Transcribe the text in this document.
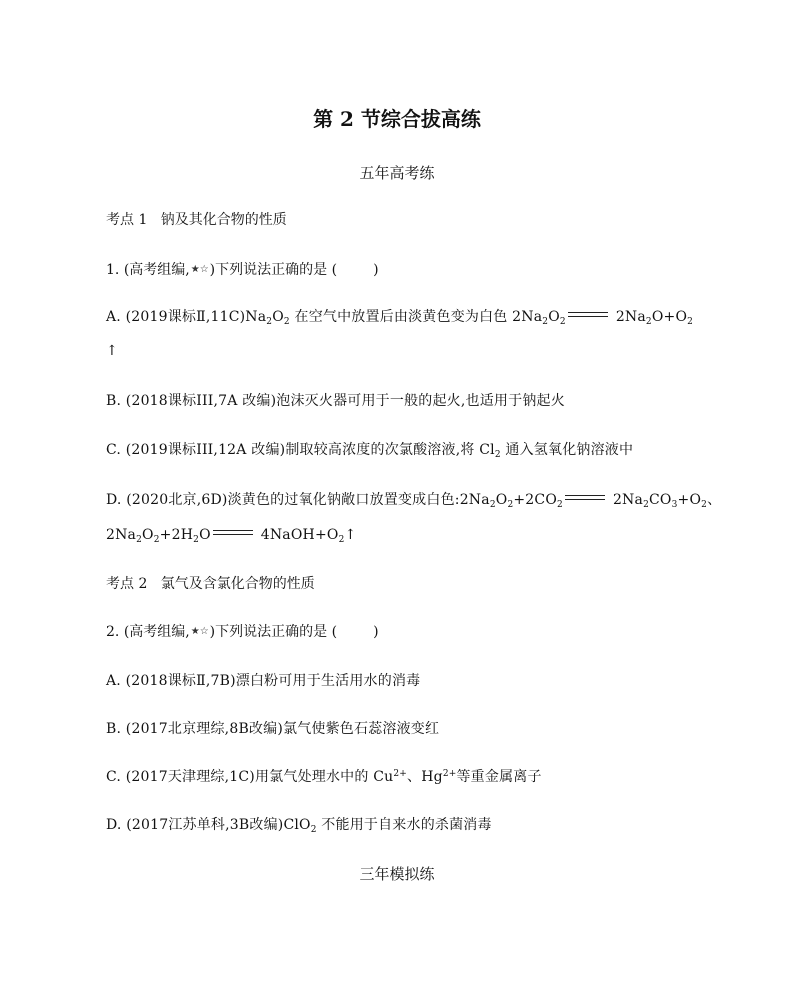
第 2 节综合拔高练
五年高考练
考点 1 钠及其化合物的性质
1. (高考组编,★☆)下列说法正确的是 (	)
A. (2019课标$Ⅱ,11C)Na_2O_2$ 在空气中放置后由淡黄色变为白色 $2Na_2O_2$	$2Na_2O+O_2$
↑
B. (2018课标III,7A 改编)泡沫灭火器可用于一般的起火,也适用于钠起火
C. (2019课标III,12A 改编)制取较高浓度的次氯酸溶液,将 $Cl_2$ 通入氢氧化钠溶液中
D. (2020北京,6D)淡黄色的过氧化钠敞口放置变成白色$:2Na_2O_2+2CO_2$	$2Na_2CO_3+O_2$、
$2Na_2O_2+2H_2O$	$4NaOH+O_2↑$
考点 2 氯气及含氯化合物的性质
2. (高考组编,★☆)下列说法正确的是 (	)
A. (2018课标Ⅱ,7B)漂白粉可用于生活用水的消毒
B. (2017北京理综,8B改编)氯气使紫色石蕊溶液变红
C. (2017天津理综,1C)用氯气处理水中的 $Cu^{2+}$、$Hg^{2+}$等重金属离子
D. (2017江苏单科,3B改编)ClO$_2$ 不能用于自来水的杀菌消毒
三年模拟练
